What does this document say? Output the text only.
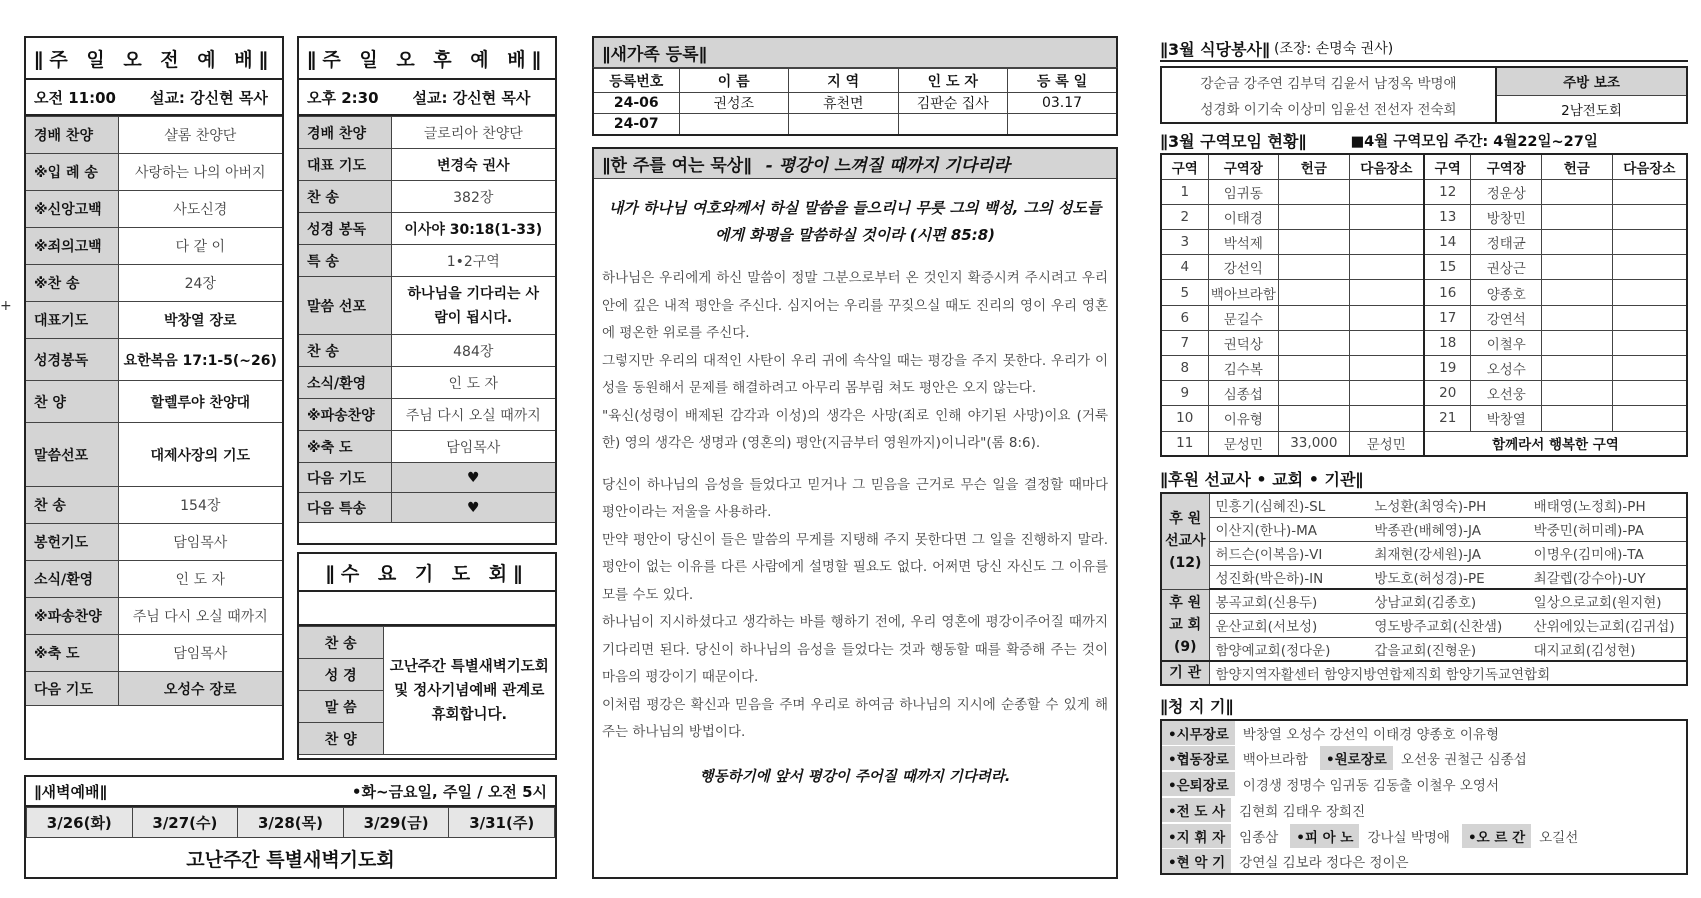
+
∥주 일 오 전 예 배∥
오전 11:00 설교: 강신현 목사
경배 찬양	샬롬 찬양단
※입 례 송	사랑하는 나의 아버지
※신앙고백	사도신경
※죄의고백	다 같 이
※찬 송	24장
대표기도	박창열 장로
성경봉독	요한복음 17:1-5(~26)
찬 양	할렐루야 찬양대
말씀선포	대제사장의 기도
찬 송	154장
봉헌기도	담임목사
소식/환영	인 도 자
※파송찬양	주님 다시 오실 때까지
※축 도	담임목사
다음 기도	오성수 장로
∥주 일 오 후 예 배∥
오후 2:30 설교: 강신현 목사
경배 찬양	글로리아 찬양단
대표 기도	변경숙 권사
찬 송	382장
성경 봉독	이사야 30:18(1-33)
특 송	1•2구역
말씀 선포	하나님을 기다리는 사람이 됩시다.
찬 송	484장
소식/환영	인 도 자
※파송찬양	주님 다시 오실 때까지
※축 도	담임목사
다음 기도	♥
다음 특송	♥
∥수 요 기 도 회∥
찬 송	고난주간 특별새벽기도회 및 정사기념예배 관계로 휴회합니다.
성 경
말 씀
찬 양
∥새벽예배∥	•화~금요일, 주일 / 오전 5시
3/26(화)	3/27(수)	3/28(목)	3/29(금)	3/31(주)
고난주간 특별새벽기도회
∥새가족 등록∥
등록번호	이 름	지 역	인 도 자	등 록 일
24-06	권성조	휴천면	김판순 집사	03.17
24-07				
∥한 주를 여는 묵상∥ - 평강이 느껴질 때까지 기다리라
내가 하나님 여호와께서 하실 말씀을 들으리니 무릇 그의 백성, 그의 성도들에게 화평을 말씀하실 것이라 (시편 85:8)

하나님은 우리에게 하신 말씀이 정말 그분으로부터 온 것인지 확증시켜 주시려고 우리 안에 깊은 내적 평안을 주신다. 심지어는 우리를 꾸짖으실 때도 진리의 영이 우리 영혼에 평온한 위로를 주신다.

그렇지만 우리의 대적인 사탄이 우리 귀에 속삭일 때는 평강을 주지 못한다. 우리가 이성을 동원해서 문제를 해결하려고 아무리 몸부림 쳐도 평안은 오지 않는다.

"육신(성령이 배제된 감각과 이성)의 생각은 사망(죄로 인해 야기된 사망)이요 (거룩한) 영의 생각은 생명과 (영혼의) 평안(지금부터 영원까지)이니라"(롬 8:6).

당신이 하나님의 음성을 들었다고 믿거나 그 믿음을 근거로 무슨 일을 결정할 때마다 평안이라는 저울을 사용하라.

만약 평안이 당신이 들은 말씀의 무게를 지탱해 주지 못한다면 그 일을 진행하지 말라. 평안이 없는 이유를 다른 사람에게 설명할 필요도 없다. 어쩌면 당신 자신도 그 이유를 모를 수도 있다.

하나님이 지시하셨다고 생각하는 바를 행하기 전에, 우리 영혼에 평강이주어질 때까지 기다리면 된다. 당신이 하나님의 음성을 들었다는 것과 행동할 때를 확증해 주는 것이 마음의 평강이기 때문이다.

이처럼 평강은 확신과 믿음을 주며 우리로 하여금 하나님의 지시에 순종할 수 있게 해주는 하나님의 방법이다.

행동하기에 앞서 평강이 주어질 때까지 기다려라.
∥3월 식당봉사∥ (조장: 손명숙 권사)
강순금 강주연 김부덕 김윤서 남정옥 박명애
성경화 이기숙 이상미 임윤선 전선자 전숙희
	주방 보조
2남전도회
∥3월 구역모임 현황∥	■4월 구역모임 주간: 4월22일~27일
구역	구역장	헌금	다음장소	구역	구역장	헌금	다음장소
1	임귀동			12	정운상		
2	이태경			13	방창민		
3	박석제			14	정태균		
4	강선익			15	권상근		
5	백아브라함			16	양종호		
6	문길수			17	강연석		
7	권덕상			18	이철우		
8	김수복			19	오성수		
9	심종섭			20	오선웅		
10	이유형			21	박창열		
11	문성민	33,000	문성민	함께라서 행복한 구역			
∥후원 선교사 • 교회 • 기관∥
후 원 선교사 (12)	민흥기(심혜진)-SL	노성환(최영숙)-PH	배태영(노정희)-PH
	이산지(한나)-MA	박종관(배혜영)-JA	박중민(허미례)-PA
	허드슨(이복음)-VI	최재현(강세원)-JA	이명우(김미애)-TA
	성진화(박은하)-IN	방도호(허성경)-PE	최갈렙(강수아)-UY
후 원 교 회 (9)	봉곡교회(신용두)	상남교회(김종호)	일상으로교회(원지현)
	운산교회(서보성)	영도방주교회(신찬샘)	산위에있는교회(김귀섭)
	함양예교회(정다운)	갑을교회(진형운)	대지교회(김성현)
기 관	함양지역자활센터 함양지방연합제직회 함양기독교연합회		
∥청 지 기∥
•시무장로	박창열 오성수 강선익 이태경 양종호 이유형
•협동장로	백아브라함	•원로장로	오선웅 권철근 심종섭
•은퇴장로	이경생 정명수 임귀동 김동출 이철우 오영서
•전 도 사	김현희 김태우 장희진
•지 휘 자	임종삼	•피 아 노	강나실 박명애	•오 르 간	오길선
•현 악 기	강연실 김보라 정다은 정이은
